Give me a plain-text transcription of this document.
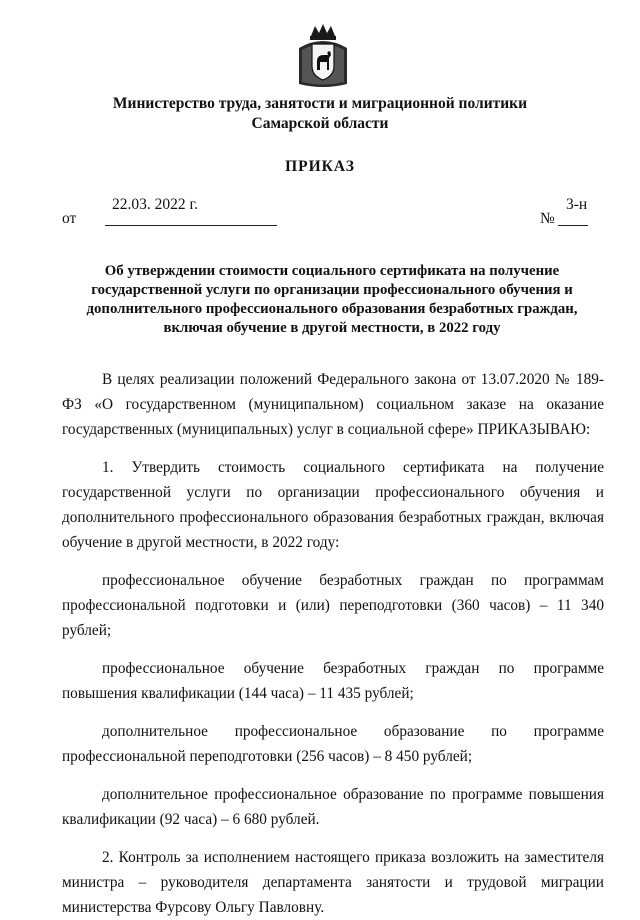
Министерство труда, занятости и миграционной политики
Самарской области
ПРИКАЗ
22.03. 2022 г.
от
3-н
№
Об утверждении стоимости социального сертификата на получение государственной услуги по организации профессионального обучения и дополнительного профессионального образования безработных граждан, включая обучение в другой местности, в 2022 году

В целях реализации положений Федерального закона от 13.07.2020 № 189-ФЗ «О государственном (муниципальном) социальном заказе на оказание государственных (муниципальных) услуг в социальной сфере» ПРИКАЗЫВАЮ:

1. Утвердить стоимость социального сертификата на получение государственной услуги по организации профессионального обучения и дополнительного профессионального образования безработных граждан, включая обучение в другой местности, в 2022 году:

профессиональное обучение безработных граждан по программам профессиональной подготовки и (или) переподготовки (360 часов) – 11 340 рублей;

профессиональное обучение безработных граждан по программе повышения квалификации (144 часа) – 11 435 рублей;

дополнительное профессиональное образование по программе профессиональной переподготовки (256 часов) – 8 450 рублей;

дополнительное профессиональное образование по программе повышения квалификации (92 часа) – 6 680 рублей.

2. Контроль за исполнением настоящего приказа возложить на заместителя министра – руководителя департамента занятости и трудовой миграции министерства Фурсову Ольгу Павловну.
